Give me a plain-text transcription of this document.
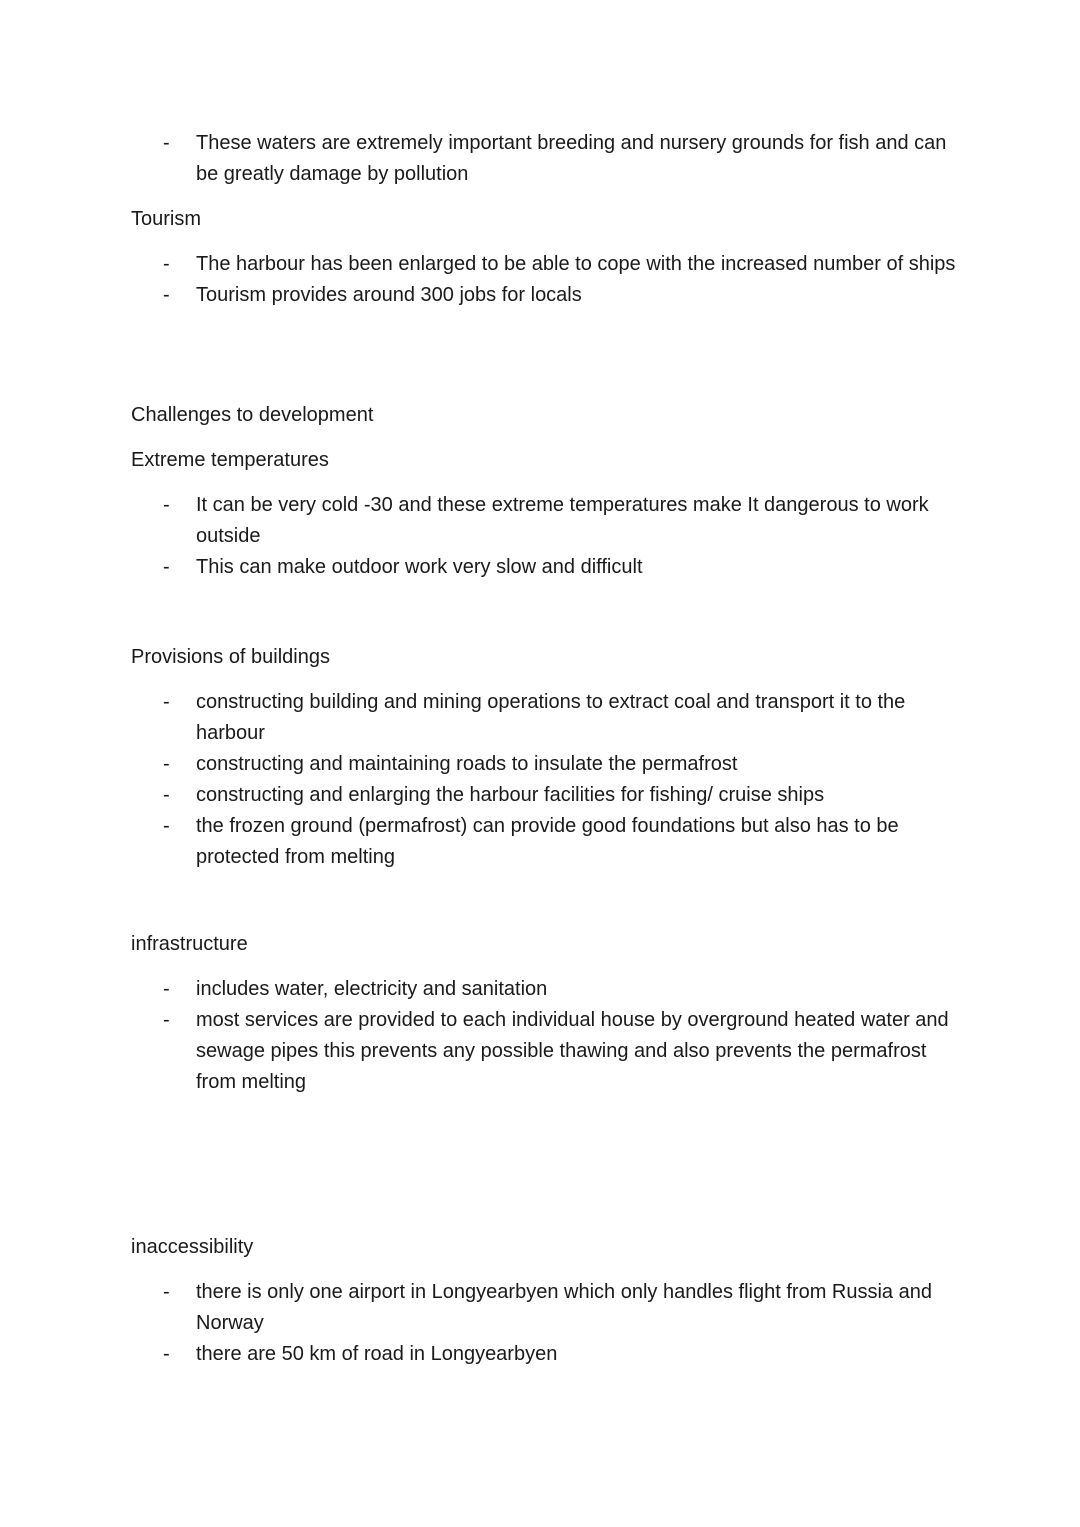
- These waters are extremely important breeding and nursery grounds for fish and can be greatly damage by pollution
Tourism
- The harbour has been enlarged to be able to cope with the increased number of ships
- Tourism provides around 300 jobs for locals
Challenges to development
Extreme temperatures
- It can be very cold -30 and these extreme temperatures make It dangerous to work outside
- This can make outdoor work very slow and difficult
Provisions of buildings
- constructing building and mining operations to extract coal and transport it to the harbour
- constructing and maintaining roads to insulate the permafrost
- constructing and enlarging the harbour facilities for fishing/ cruise ships
- the frozen ground (permafrost) can provide good foundations but also has to be protected from melting
infrastructure
- includes water, electricity and sanitation
- most services are provided to each individual house by overground heated water and sewage pipes this prevents any possible thawing and also prevents the permafrost from melting
inaccessibility
- there is only one airport in Longyearbyen which only handles flight from Russia and Norway
- there are 50 km of road in Longyearbyen
